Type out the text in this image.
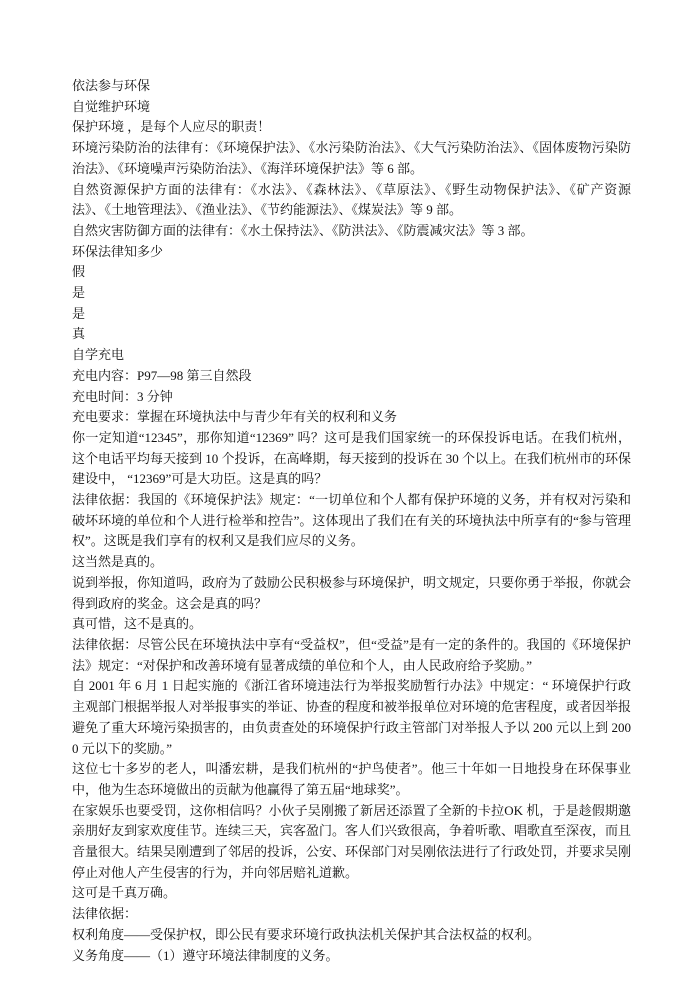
依法参与环保

自觉维护环境

保护环境 ，是每个人应尽的职责！

环境污染防治的法律有：《环境保护法》、《水污染防治法》、《大气污染防治法》、《固体废物污染防治法》、《环境噪声污染防治法》、《海洋环境保护法》等 6 部。

自然资源保护方面的法律有：《水法》、《森林法》、《草原法》、《野生动物保护法》、《矿产资源法》、《土地管理法》、《渔业法》、《节约能源法》、《煤炭法》等 9 部。

自然灾害防御方面的法律有：《水土保持法》、《防洪法》、《防震减灾法》等 3 部。

环保法律知多少

假

是

是

真

自学充电

充电内容：P97—98 第三自然段

充电时间：3 分钟

充电要求：掌握在环境执法中与青少年有关的权利和义务

你一定知道“12345”，那你知道“12369” 吗？这可是我们国家统一的环保投诉电话。在我们杭州，这个电话平均每天接到 10 个投诉，在高峰期，每天接到的投诉在 30 个以上。在我们杭州市的环保建设中， “12369”可是大功臣。这是真的吗？

法律依据：我国的《环境保护法》规定：“一切单位和个人都有保护环境的义务，并有权对污染和破坏环境的单位和个人进行检举和控告”。这体现出了我们在有关的环境执法中所享有的“参与管理权”。这既是我们享有的权利又是我们应尽的义务。

这当然是真的。

说到举报，你知道吗，政府为了鼓励公民积极参与环境保护，明文规定，只要你勇于举报，你就会得到政府的奖金。这会是真的吗？

真可惜，这不是真的。

法律依据：尽管公民在环境执法中享有“受益权”，但“受益”是有一定的条件的。我国的《环境保护法》规定：“对保护和改善环境有显著成绩的单位和个人，由人民政府给予奖励。”

自 2001 年 6 月 1 日起实施的《浙江省环境违法行为举报奖励暂行办法》中规定：“ 环境保护行政主观部门根据举报人对举报事实的举证、协查的程度和被举报单位对环境的危害程度，或者因举报避免了重大环境污染损害的，由负责查处的环境保护行政主管部门对举报人予以 200 元以上到 2000 元以下的奖励。”

这位七十多岁的老人，叫潘宏耕，是我们杭州的“护鸟使者”。他三十年如一日地投身在环保事业中，他为生态环境做出的贡献为他赢得了第五届“地球奖”。

在家娱乐也要受罚，这你相信吗？小伙子吴刚搬了新居还添置了全新的卡拉OK 机，于是趁假期邀亲朋好友到家欢度佳节。连续三天，宾客盈门。客人们兴致很高，争着听歌、唱歌直至深夜，而且音量很大。结果吴刚遭到了邻居的投诉，公安、环保部门对吴刚依法进行了行政处罚，并要求吴刚停止对他人产生侵害的行为，并向邻居赔礼道歉。

这可是千真万确。

法律依据：

权利角度——受保护权，即公民有要求环境行政执法机关保护其合法权益的权利。

义务角度——（1）遵守环境法律制度的义务。
